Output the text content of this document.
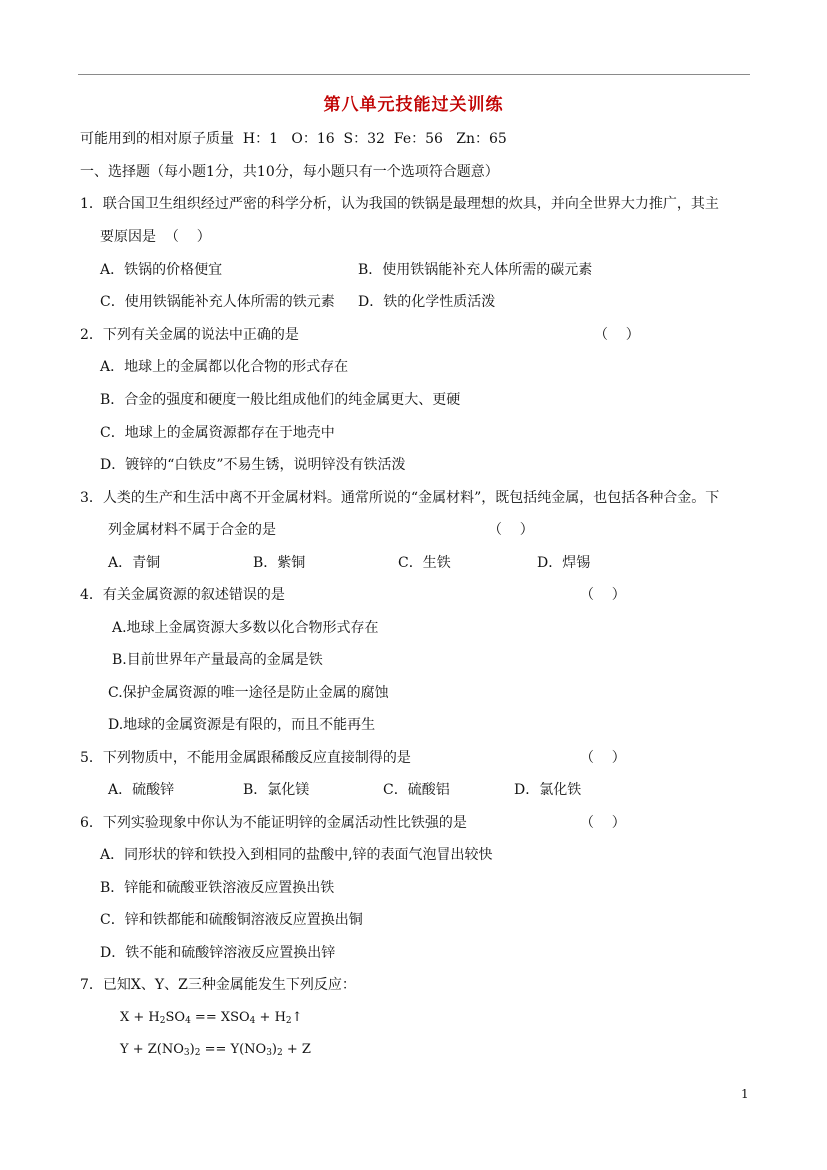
第八单元技能过关训练
可能用到的相对原子质量  H：1   O：16  S：32  Fe：56   Zn：65
一、选择题（每小题1分，共10分，每小题只有一个选项符合题意）
1．联合国卫生组织经过严密的科学分析，认为我国的铁锅是最理想的炊具，并向全世界大力推广，其主
要原因是  （    ）
A．铁锅的价格便宜	B．使用铁锅能补充人体所需的碳元素
C．使用铁锅能补充人体所需的铁元素 D．铁的化学性质活泼
2．下列有关金属的说法中正确的是	（    ）
A．地球上的金属都以化合物的形式存在
B．合金的强度和硬度一般比组成他们的纯金属更大、更硬
C．地球上的金属资源都存在于地壳中
D．镀锌的“白铁皮”不易生锈，说明锌没有铁活泼
3．人类的生产和生活中离不开金属材料。通常所说的“金属材料”，既包括纯金属，也包括各种合金。下
列金属材料不属于合金的是	（    ）
A．青铜	B．紫铜	C．生铁	D．焊锡
4．有关金属资源的叙述错误的是	（    ）
A.地球上金属资源大多数以化合物形式存在
B.目前世界年产量最高的金属是铁
C.保护金属资源的唯一途径是防止金属的腐蚀
D.地球的金属资源是有限的，而且不能再生
5．下列物质中，不能用金属跟稀酸反应直接制得的是	（    ）
A．硫酸锌	B．氯化镁	C．硫酸铝	D．氯化铁
6．下列实验现象中你认为不能证明锌的金属活动性比铁强的是	（    ）
A．同形状的锌和铁投入到相同的盐酸中,锌的表面气泡冒出较快
B．锌能和硫酸亚铁溶液反应置换出铁
C．锌和铁都能和硫酸铜溶液反应置换出铜
D．铁不能和硫酸锌溶液反应置换出锌
7．已知X、Y、Z三种金属能发生下列反应：
$X + H_2SO_4 == XSO_4$ + $H_2↑$
$Y + Z(NO_3)_2 == Y(NO_3)_2 + Z$
1
